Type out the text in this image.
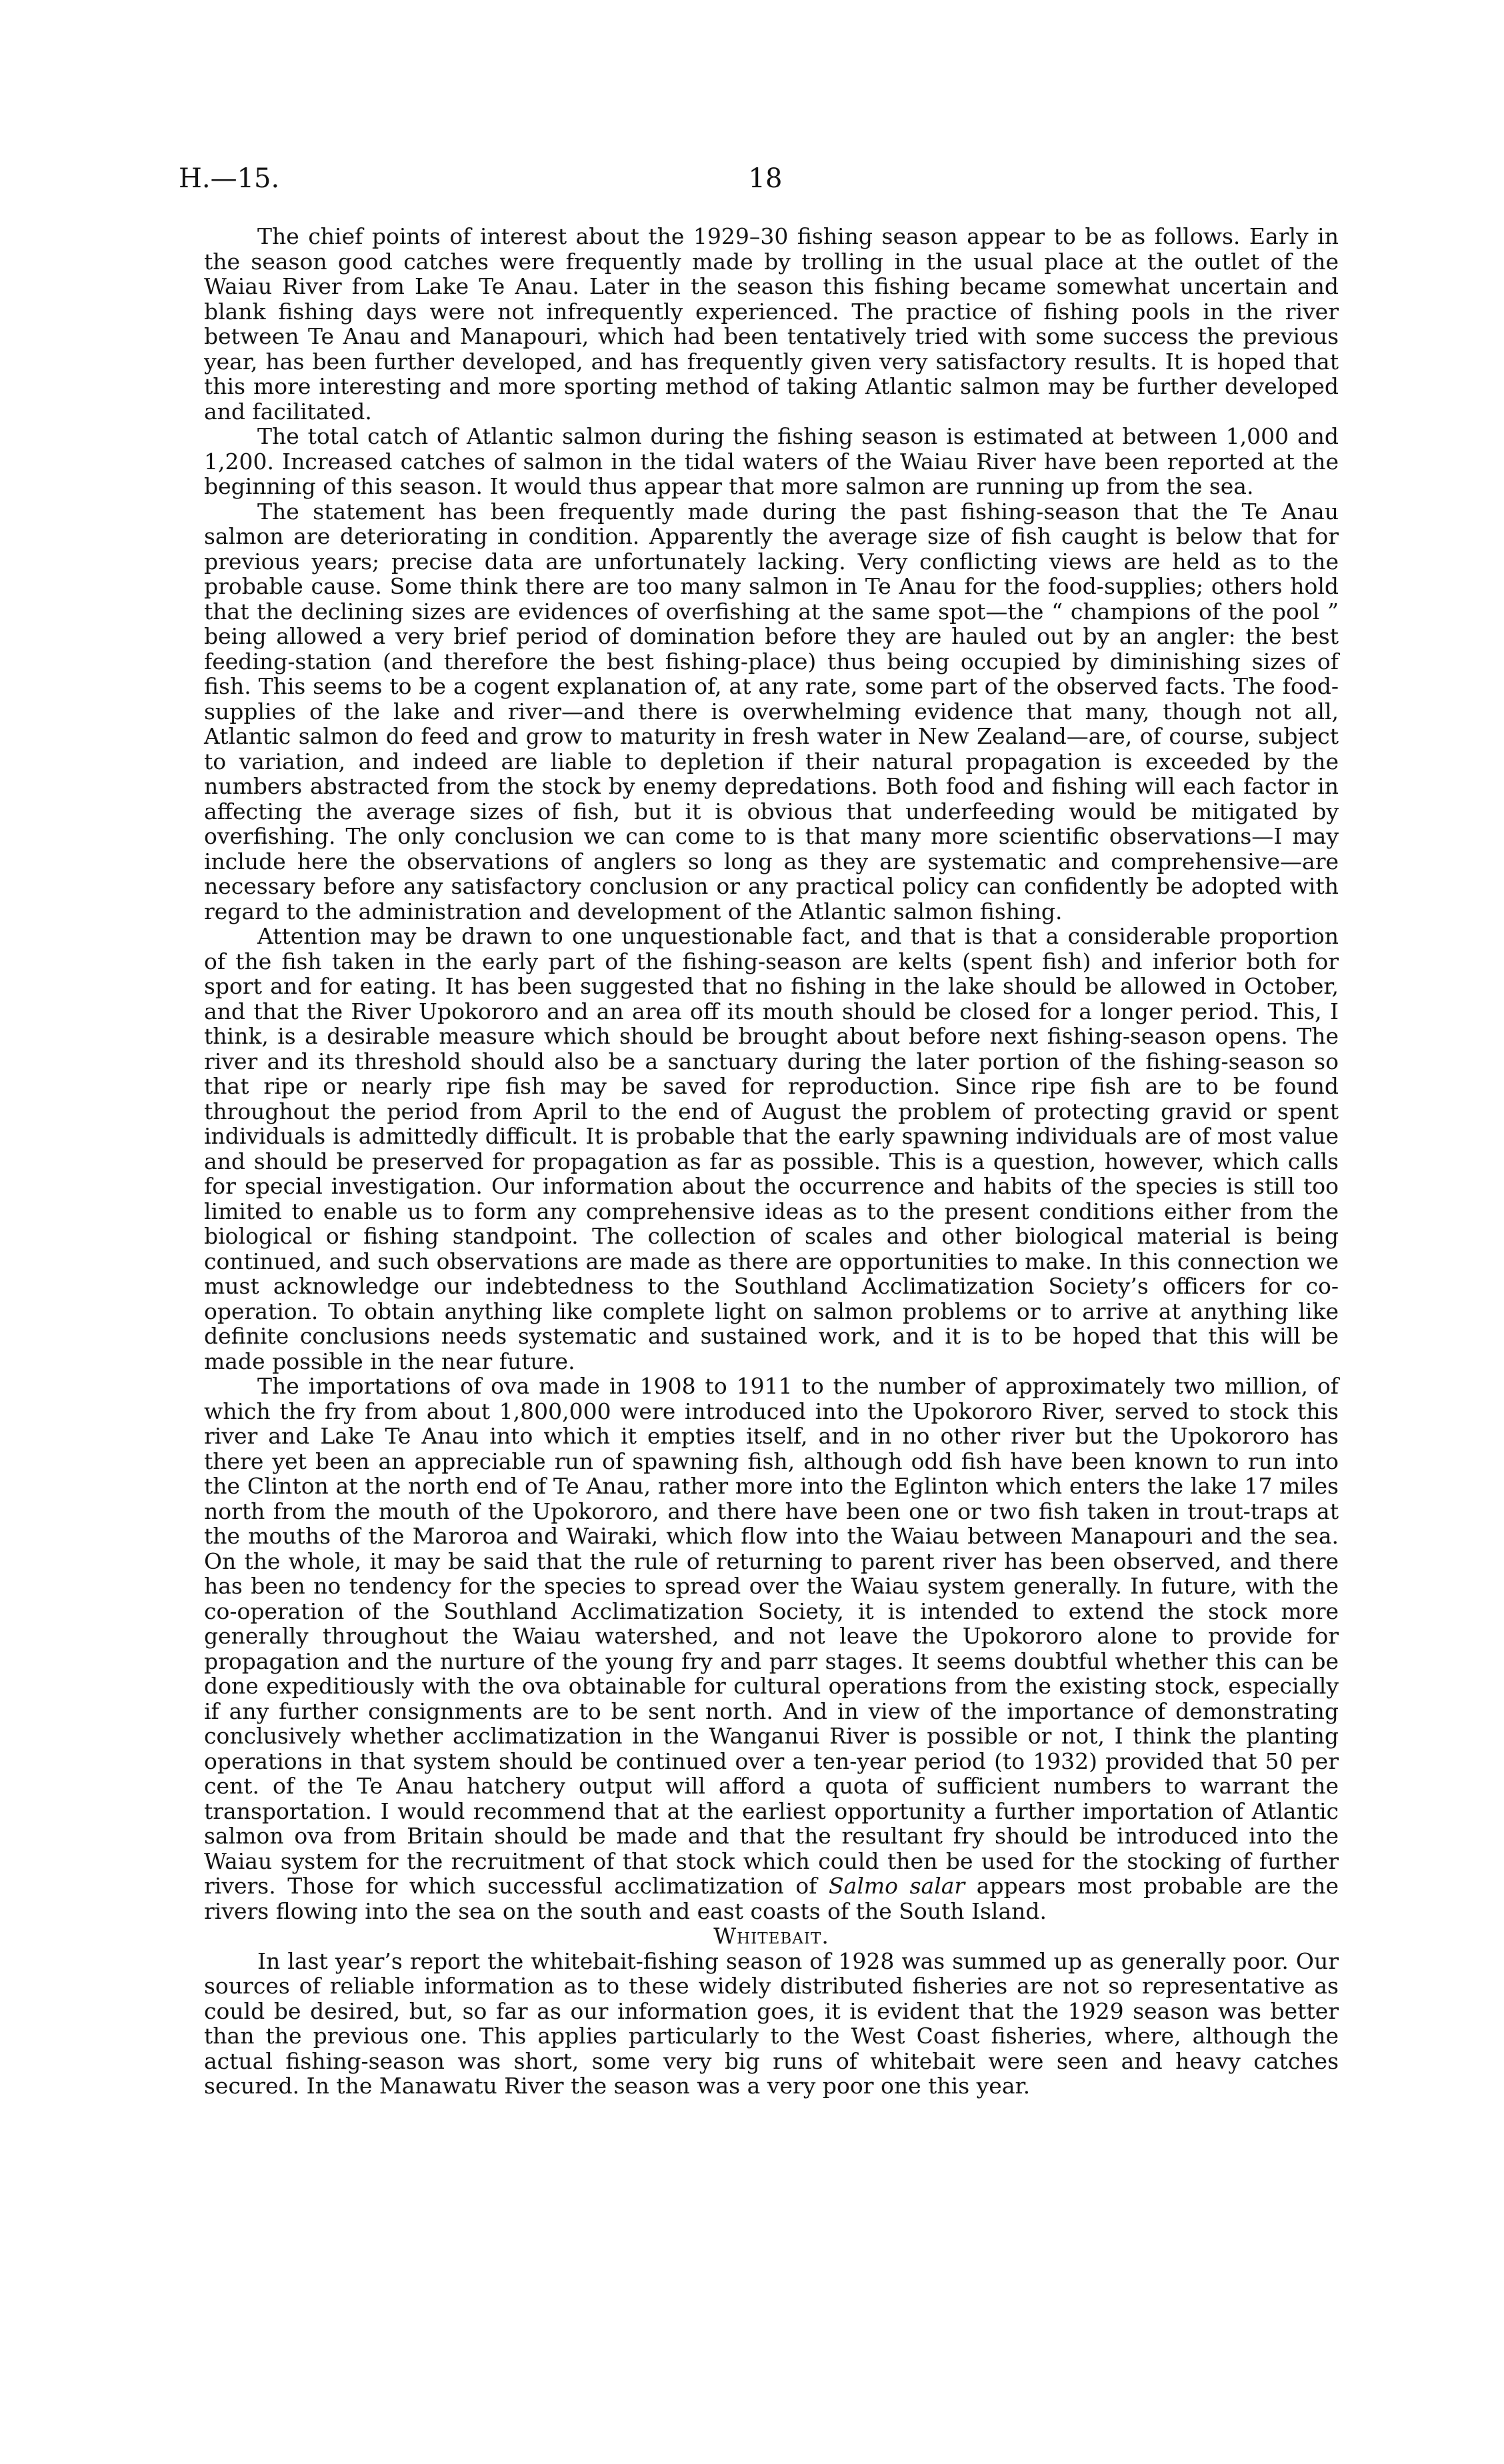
H.—15.	18

The chief points of interest about the 1929–30 fishing season appear to be as follows. Early in the season good catches were frequently made by trolling in the usual place at the outlet of the Waiau River from Lake Te Anau. Later in the season this fishing became somewhat uncertain and blank fishing days were not infrequently experienced. The practice of fishing pools in the river between Te Anau and Manapouri, which had been tentatively tried with some success the previous year, has been further developed, and has frequently given very satisfactory results. It is hoped that this more interesting and more sporting method of taking Atlantic salmon may be further developed and facilitated.

The total catch of Atlantic salmon during the fishing season is estimated at between 1,000 and 1,200. Increased catches of salmon in the tidal waters of the Waiau River have been reported at the beginning of this season. It would thus appear that more salmon are running up from the sea.

The statement has been frequently made during the past fishing-season that the Te Anau salmon are deteriorating in condition. Apparently the average size of fish caught is below that for previous years; precise data are unfortunately lacking. Very conflicting views are held as to the probable cause. Some think there are too many salmon in Te Anau for the food-supplies; others hold that the declining sizes are evidences of overfishing at the same spot—the “ champions of the pool ” being allowed a very brief period of domination before they are hauled out by an angler: the best feeding-station (and therefore the best fishing-place) thus being occupied by diminishing sizes of fish. This seems to be a cogent explanation of, at any rate, some part of the observed facts. The food-supplies of the lake and river—and there is overwhelming evidence that many, though not all, Atlantic salmon do feed and grow to maturity in fresh water in New Zealand—are, of course, subject to variation, and indeed are liable to depletion if their natural propagation is exceeded by the numbers abstracted from the stock by enemy depredations. Both food and fishing will each factor in affecting the average sizes of fish, but it is obvious that underfeeding would be mitigated by overfishing. The only conclusion we can come to is that many more scientific observations—I may include here the observations of anglers so long as they are systematic and comprehensive—are necessary before any satisfactory conclusion or any practical policy can confidently be adopted with regard to the administration and development of the Atlantic salmon fishing.

Attention may be drawn to one unquestionable fact, and that is that a considerable proportion of the fish taken in the early part of the fishing-season are kelts (spent fish) and inferior both for sport and for eating. It has been suggested that no fishing in the lake should be allowed in October, and that the River Upokororo and an area off its mouth should be closed for a longer period. This, I think, is a desirable measure which should be brought about before next fishing-season opens. The river and its threshold should also be a sanctuary during the later portion of the fishing-season so that ripe or nearly ripe fish may be saved for reproduction. Since ripe fish are to be found throughout the period from April to the end of August the problem of protecting gravid or spent individuals is admittedly difficult. It is probable that the early spawning individuals are of most value and should be preserved for propagation as far as possible. This is a question, however, which calls for special investigation. Our information about the occurrence and habits of the species is still too limited to enable us to form any comprehensive ideas as to the present conditions either from the biological or fishing standpoint. The collection of scales and other biological material is being continued, and such observations are made as there are opportunities to make. In this connection we must acknowledge our indebtedness to the Southland Acclimatization Society’s officers for co-operation. To obtain anything like complete light on salmon problems or to arrive at anything like definite conclusions needs systematic and sustained work, and it is to be hoped that this will be made possible in the near future.

The importations of ova made in 1908 to 1911 to the number of approximately two million, of which the fry from about 1,800,000 were introduced into the Upokororo River, served to stock this river and Lake Te Anau into which it empties itself, and in no other river but the Upokororo has there yet been an appreciable run of spawning fish, although odd fish have been known to run into the Clinton at the north end of Te Anau, rather more into the Eglinton which enters the lake 17 miles north from the mouth of the Upokororo, and there have been one or two fish taken in trout-traps at the mouths of the Maroroa and Wairaki, which flow into the Waiau between Manapouri and the sea. On the whole, it may be said that the rule of returning to parent river has been observed, and there has been no tendency for the species to spread over the Waiau system generally. In future, with the co-operation of the Southland Acclimatization Society, it is intended to extend the stock more generally throughout the Waiau watershed, and not leave the Upokororo alone to provide for propagation and the nurture of the young fry and parr stages. It seems doubtful whether this can be done expeditiously with the ova obtainable for cultural operations from the existing stock, especially if any further consignments are to be sent north. And in view of the importance of demonstrating conclusively whether acclimatization in the Wanganui River is possible or not, I think the planting operations in that system should be continued over a ten-year period (to 1932) provided that 50 per cent. of the Te Anau hatchery output will afford a quota of sufficient numbers to warrant the transportation. I would recommend that at the earliest opportunity a further importation of Atlantic salmon ova from Britain should be made and that the resultant fry should be introduced into the Waiau system for the recruitment of that stock which could then be used for the stocking of further rivers. Those for which successful acclimatization of Salmo salar appears most probable are the rivers flowing into the sea on the south and east coasts of the South Island.

Whitebait.

In last year’s report the whitebait-fishing season of 1928 was summed up as generally poor. Our sources of reliable information as to these widely distributed fisheries are not so representative as could be desired, but, so far as our information goes, it is evident that the 1929 season was better than the previous one. This applies particularly to the West Coast fisheries, where, although the actual fishing-season was short, some very big runs of whitebait were seen and heavy catches secured. In the Manawatu River the season was a very poor one this year.
